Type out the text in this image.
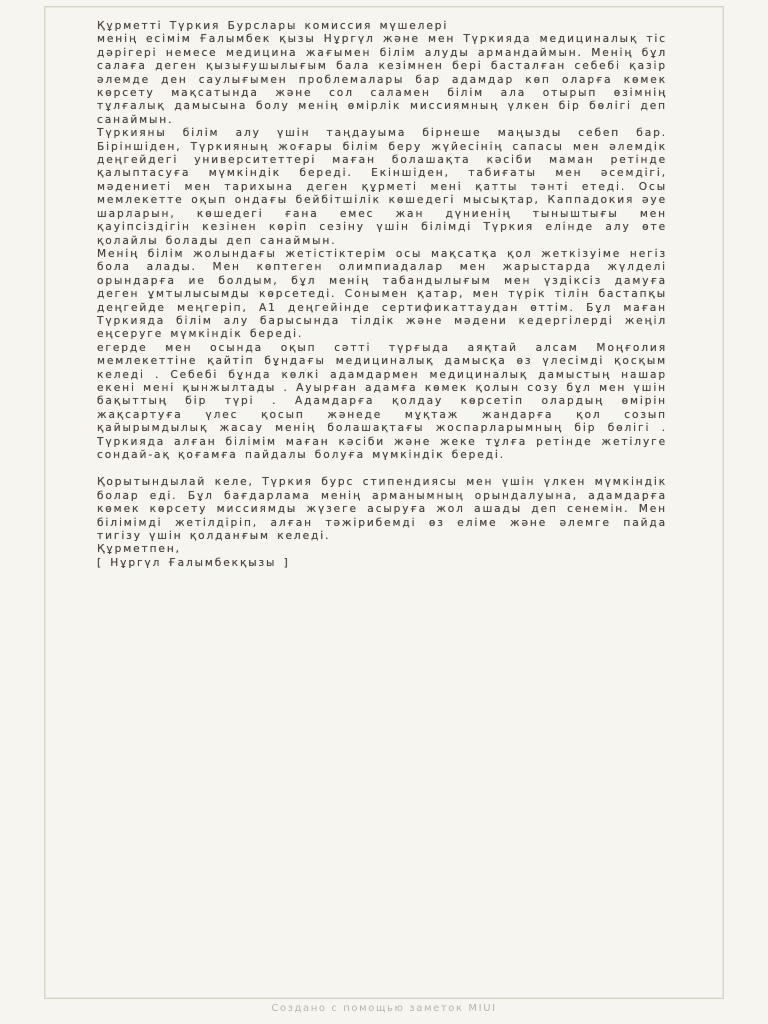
Құрметті Түркия Бурслары комиссия мүшелері

менің есімім Ғалымбек қызы Нұргүл және мен Түркияда медициналық тіс дәрігері немесе медицина жағымен білім алуды армандаймын. Менің бұл салаға деген қызығушылығым бала кезімнен бері басталған себебі қазір әлемде ден саулығымен проблемалары бар адамдар көп оларға көмек көрсету мақсатында және сол саламен білім ала отырып өзімнің тұлғалық дамысына болу менің өмірлік миссиямның үлкен бір бөлігі деп санаймын.

Түркияны білім алу үшін таңдауыма бірнеше маңызды себеп бар. Біріншіден, Түркияның жоғары білім беру жүйесінің сапасы мен әлемдік деңгейдегі университеттері маған болашақта кәсіби маман ретінде қалыптасуға мүмкіндік береді. Екіншіден, табиғаты мен әсемдігі, мәдениеті мен тарихына деген құрметі мені қатты тәнті етеді. Осы мемлекетте оқып ондағы бейбітшілік көшедегі мысықтар, Каппадокия әуе шарларын, көшедегі ғана емес жан дүниенің тыныштығы мен қауіпсіздігін кезінен көріп сезіну үшін білімді Түркия елінде алу өте қолайлы болады деп санаймын.

Менің білім жолындағы жетістіктерім осы мақсатқа қол жеткізуіме негіз бола алады. Мен көптеген олимпиадалар мен жарыстарда жүлделі орындарға ие болдым, бұл менің табандылығым мен үздіксіз дамуға деген ұмтылысымды көрсетеді. Сонымен қатар, мен түрік тілін бастапқы деңгейде меңгеріп, А1 деңгейінде сертификаттаудан өттім. Бұл маған Түркияда білім алу барысында тілдік және мәдени кедергілерді жеңіл еңсеруге мүмкіндік береді.

егерде мен осында оқып сәтті түрғыда аяқтай алсам Моңғолия мемлекеттіне қайтіп бұндағы медициналық дамысқа өз үлесімді қосқым келеді . Себебі бұнда көлкі адамдармен медициналық дамыстың нашар екені мені қынжылтады . Ауырған адамға көмек қолын созу бұл мен үшін бақыттың бір түрі . Адамдарға қолдау көрсетіп олардың өмірін жақсартуға үлес қосып жәнеде мұқтаж жандарға қол созып қайырымдылық жасау менің болашақтағы жоспарларымның бір бөлігі . Түркияда алған білімім маған кәсіби және жеке тұлға ретінде жетілуге сондай-ақ қоғамға пайдалы болуға мүмкіндік береді.

Қорытындылай келе, Түркия бурс стипендиясы мен үшін үлкен мүмкіндік болар еді. Бұл бағдарлама менің арманымның орындалуына, адамдарға көмек көрсету миссиямды жүзеге асыруға жол ашады деп сенемін. Мен білімімді жетілдіріп, алған тәжірибемді өз еліме және әлемге пайда тигізу үшін қолданғым келеді.

Құрметпен,

[ Нұргүл Ғалымбекқызы ]

Создано с помощью заметок MIUI
